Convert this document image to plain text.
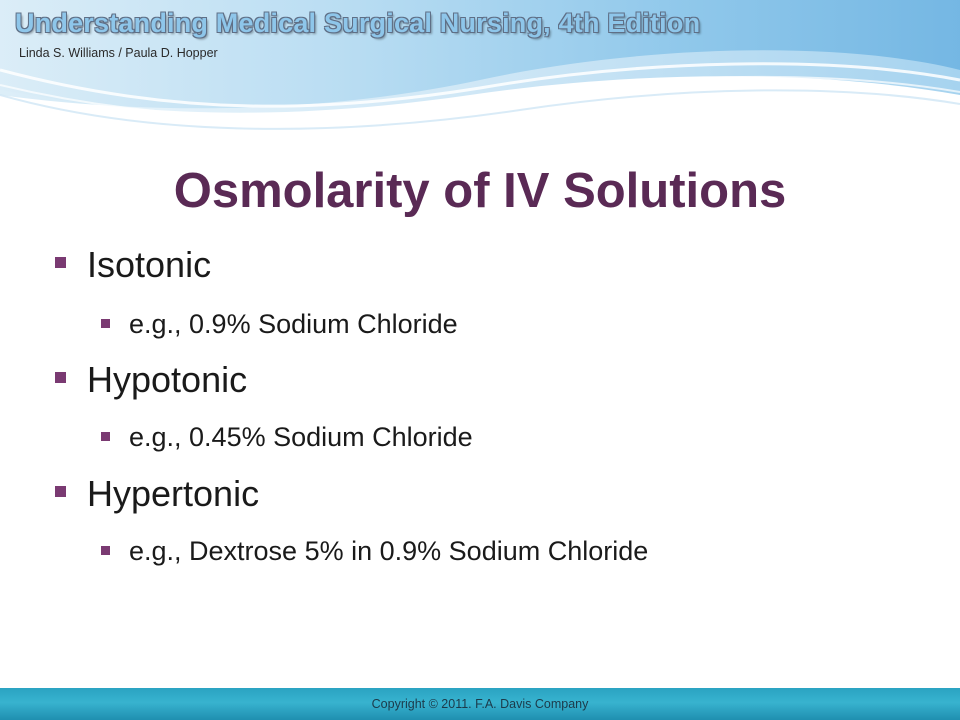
Understanding Medical Surgical Nursing, 4th Edition
Linda S. Williams / Paula D. Hopper
Osmolarity of IV Solutions
Isotonic
e.g., 0.9% Sodium Chloride
Hypotonic
e.g., 0.45% Sodium Chloride
Hypertonic
e.g., Dextrose 5% in 0.9% Sodium Chloride
Copyright © 2011. F.A. Davis Company
